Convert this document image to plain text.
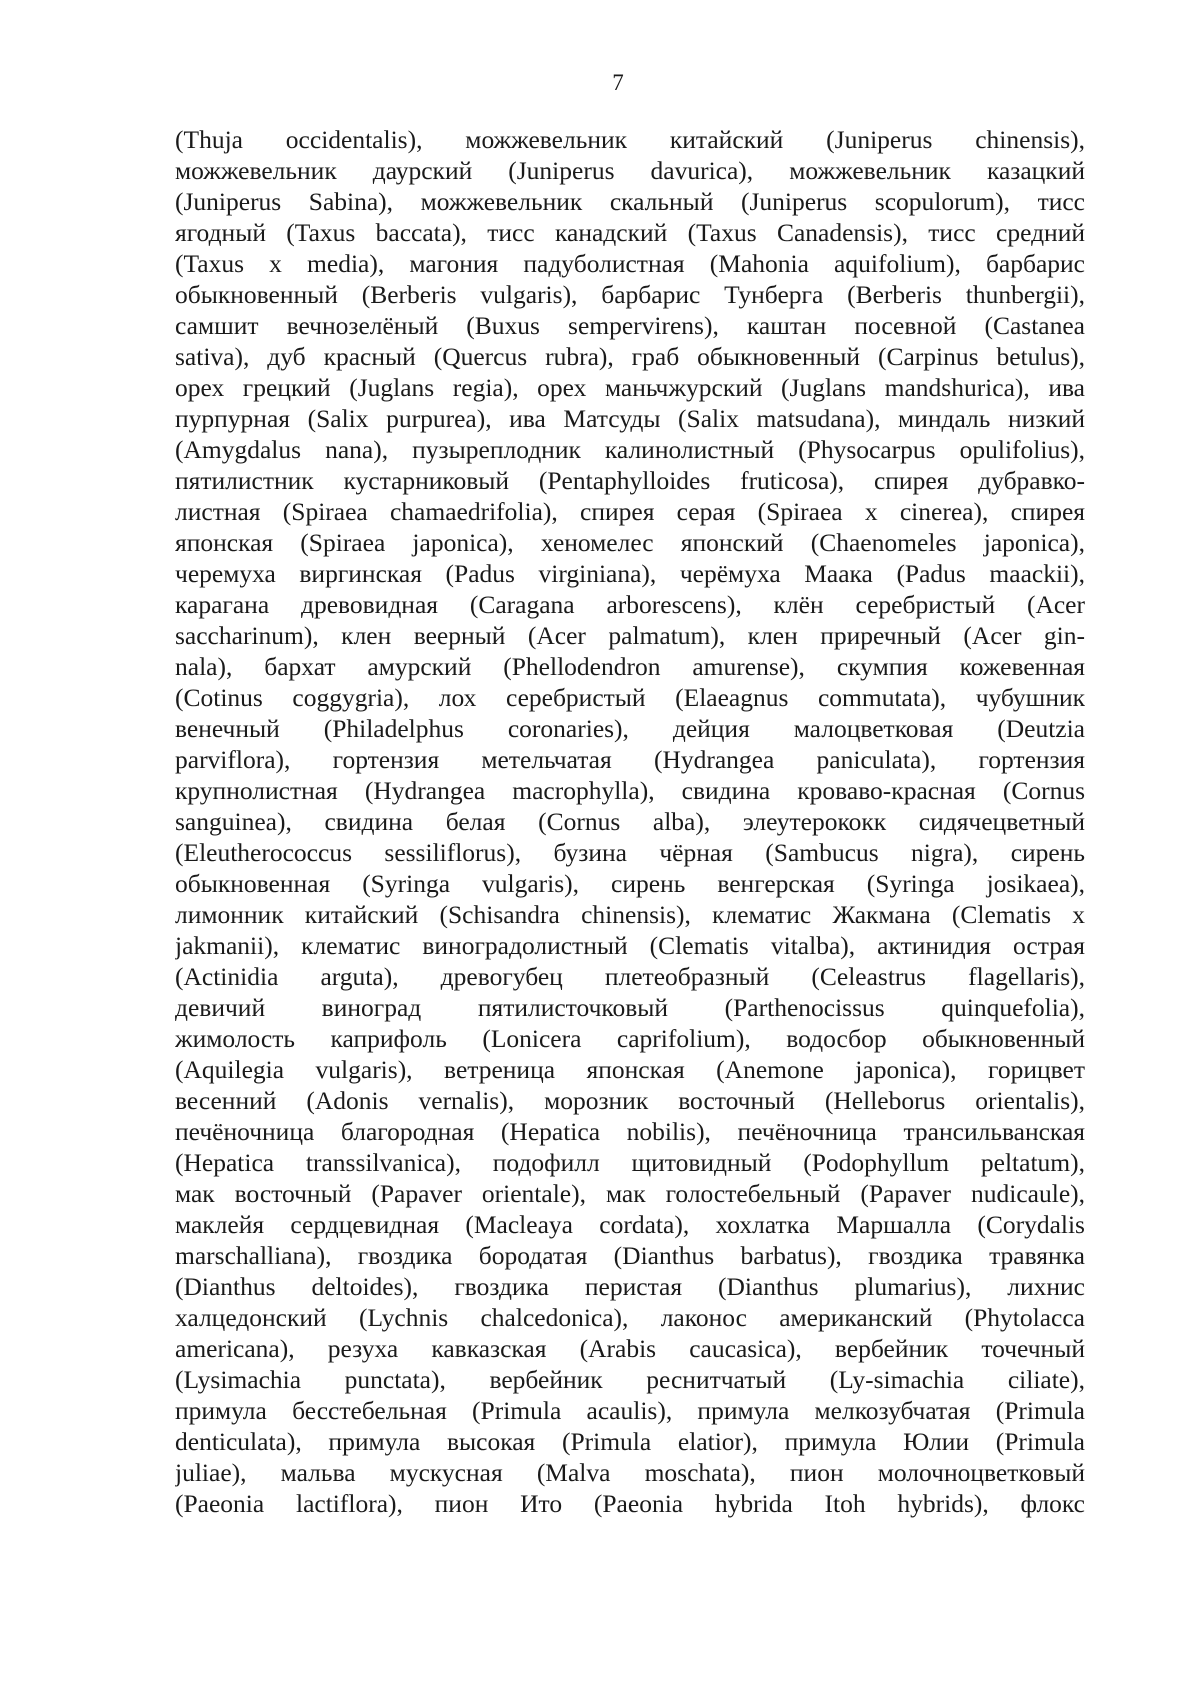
7
(Thuja occidentalis), можжевельник китайский (Juniperus chinensis),
можжевельник даурский (Juniperus davurica), можжевельник казацкий
(Juniperus Sabina), можжевельник скальный (Juniperus scopulorum), тисс
ягодный (Taxus baccata), тисс канадский (Taxus Canadensis), тисс средний
(Taxus x media), магония падуболистная (Mahonia aquifolium), барбарис
обыкновенный (Berberis vulgaris), барбарис Тунберга (Berberis thunbergii),
самшит вечнозелёный (Buxus sempervirens), каштан посевной (Castanea
sativa), дуб красный (Quercus rubra), граб обыкновенный (Carpinus betulus),
орех грецкий (Juglans regia), орех маньчжурский (Juglans mandshurica), ива
пурпурная (Salix purpurea), ива Матсуды (Salix matsudana), миндаль низкий
(Amygdalus nana), пузыреплодник калинолистный (Physocarpus opulifolius),
пятилистник кустарниковый (Pentaphylloides fruticosa), спирея дубравко-
листная (Spiraea chamaedrifolia), спирея серая (Spiraea x cinerea), спирея
японская (Spiraea japonica), хеномелес японский (Chaenomeles japonica),
черемуха виргинская (Padus virginiana), черёмуха Маака (Padus maackii),
карагана древовидная (Caragana arborescens), клён серебристый (Acer
saccharinum), клен веерный (Acer palmatum), клен приречный (Acer gin-
nala), бархат амурский (Phellodendron amurense), скумпия кожевенная
(Cotinus coggygria), лох серебристый (Elaeagnus commutata), чубушник
венечный (Philadelphus coronaries), дейция малоцветковая (Deutzia
parviflora), гортензия метельчатая (Hydrangea paniculata), гортензия
крупнолистная (Hydrangea macrophylla), свидина кроваво-красная (Cornus
sanguinea), свидина белая (Cornus alba), элеутерококк сидячецветный
(Eleutherococcus sessiliflorus), бузина чёрная (Sambucus nigra), сирень
обыкновенная (Syringa vulgaris), сирень венгерская (Syringa josikaea),
лимонник китайский (Schisandra chinensis), клематис Жакмана (Clematis x
jakmanii), клематис виноградолистный (Clematis vitalba), актинидия острая
(Actinidia arguta), древогубец плетеобразный (Celeastrus flagellaris),
девичий виноград пятилисточковый (Parthenocissus quinquefolia),
жимолость каприфоль (Lonicera caprifolium), водосбор обыкновенный
(Aquilegia vulgaris), ветреница японская (Anemone japonica), горицвет
весенний (Adonis vernalis), морозник восточный (Helleborus orientalis),
печёночница благородная (Hepatica nobilis), печёночница трансильванская
(Hepatica transsilvanica), подофилл щитовидный (Podophyllum peltatum),
мак восточный (Papaver orientale), мак голостебельный (Papaver nudicaule),
маклейя сердцевидная (Macleaya cordata), хохлатка Маршалла (Corydalis
marschalliana), гвоздика бородатая (Dianthus barbatus), гвоздика травянка
(Dianthus deltoides), гвоздика перистая (Dianthus plumarius), лихнис
халцедонский (Lychnis chalcedonica), лаконос американский (Phytolacca
americana), резуха кавказская (Arabis caucasica), вербейник точечный
(Lysimachia punctata), вербейник реснитчатый (Ly-simachia ciliate),
примула бесстебельная (Primula acaulis), примула мелкозубчатая (Primula
denticulata), примула высокая (Primula elatior), примула Юлии (Primula
juliae), мальва мускусная (Malva moschata), пион молочноцветковый
(Paeonia lactiflora), пион Ито (Paeonia hybrida Itoh hybrids), флокс
